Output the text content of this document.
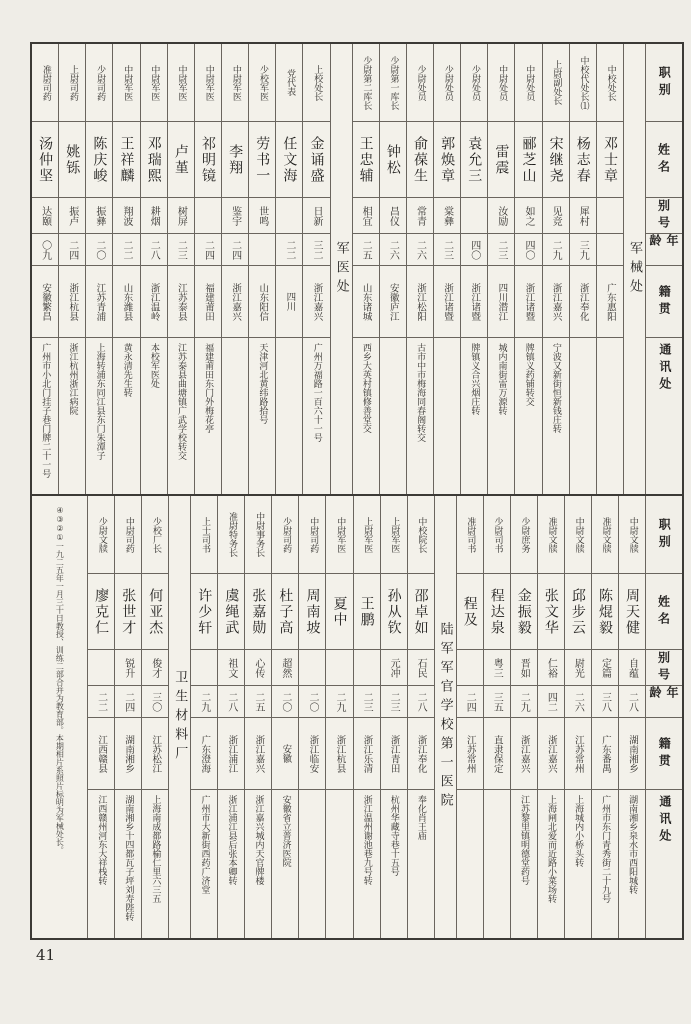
职别
姓名
别号
年龄
籍贯
通讯处
军械处
中校处长
邓士章
广东惠阳
中校代处长⑴
杨志春
犀村
三九
浙江奉化
上尉副处长
宋继尧
见竞
二九
浙江嘉兴
宁波又新街恒新钱庄转
中尉处员
郦芝山
如之
四〇
浙江诸暨
牌镇义药铺转交
中尉处员
雷震
汝励
二三
四川潜江
城内南街雷万源转
少尉处员
袁允三
四〇
浙江诸暨
牌镇义合兴烟庄转
少尉处员
郭焕章
棠彝
二三
浙江诸暨
少尉处员
俞葆生
常青
二六
浙江松阳
古市中市梅海同春阁转交
少尉第一库长
钟松
昌仪
二六
安徽庐江
少尉第二库长
王忠辅
相宜
二五
山东诸城
西乡大英村镇修善堂交
军医处
上校处长
金诵盛
日新
三二
浙江嘉兴
广州万福路一百六十一号
党代表
任文海
二二
四川
少校军医
劳书一
世鸣
山东阳信
天津河北黄纬路拾号
中尉军医
李翔
鉴宇
二四
浙江嘉兴
中尉军医
祁明镜
二四
福建莆田
福建莆田东门外梅花亭
中尉军医
卢堇
树屏
二三
江苏泰县
江苏泰县曲塘镇广武学校转交
中尉军医
邓瑞熙
耕烟
二八
浙江温岭
本校军医处
中尉军医
王祥麟
翔波
二二
山东潍县
黄永清先生转
少尉司药
陈庆峻
振彝
二〇
江苏青浦
上海转浦东同江县东门朱潭子
上尉司药
姚铄
振卢
二四
浙江杭县
浙江杭州浙江病院
准尉司药
汤仲坚
达颐
〇九
安徽繁昌
广州市小北门挂子巷门牌二十一号
职别
姓名
别号
年龄
籍贯
通讯处
中尉文牍
周天健
自蕴
二八
湖南湘乡
湖南湘乡泉水市西阳城转
准尉文牍
陈焜毅
定篇
三八
广东番禺
广州市东门青秀街二十九号
中尉文牍
邱步云
尉光
二六
江苏常州
上海城内小桥头转
准尉文牍
张文华
仁裕
四二
浙江嘉兴
上海闸北爱而近路小菜场转
少尉庶务
金振毅
晋如
二九
浙江嘉兴
江苏黎里镇明德堂药号
少尉司书
程达泉
粤三
三五
直隶保定
准尉司书
程及
二四
江苏常州
陆军军官学校第一医院
中校院长
邵卓如
石民
二八
浙江奉化
奉化肖王庙
上尉军医
孙从钦
元冲
二三
浙江青田
杭州华藏寺巷十五号
上尉军医
王鹏
二三
浙江乐清
浙江温州谢池巷九号转
中尉军医
夏中
二九
浙江杭县
中尉司药
周南坡
二〇
浙江临安
少尉司药
杜子高
超然
二〇
安徽
安徽省立普济医院
中尉事务长
张嘉勋
心传
二五
浙江嘉兴
浙江嘉兴城内天官牌楼
准尉特务长
虞绳武
祖文
二八
浙江浦江
浙江浦江县后张本卿转
上士司书
许少轩
二九
广东澄海
广州市大新街西药广济堂
卫生材料厂
少校厂长
何亚杰
俊才
三〇
江苏松江
上海南成都路榆仁里六三五
中尉司药
张世才
锐升
二四
湖南湘乡
湖南湘乡十四都瓦子坪刘寿陛转
少尉文牍
廖克仁
二二
江西赣县
江西赣州河东大祥栈转
④③②①
一九二五年一月三十日教授、训练二部合并为教育部。
本期相片系照片标明为军械处长。
41
